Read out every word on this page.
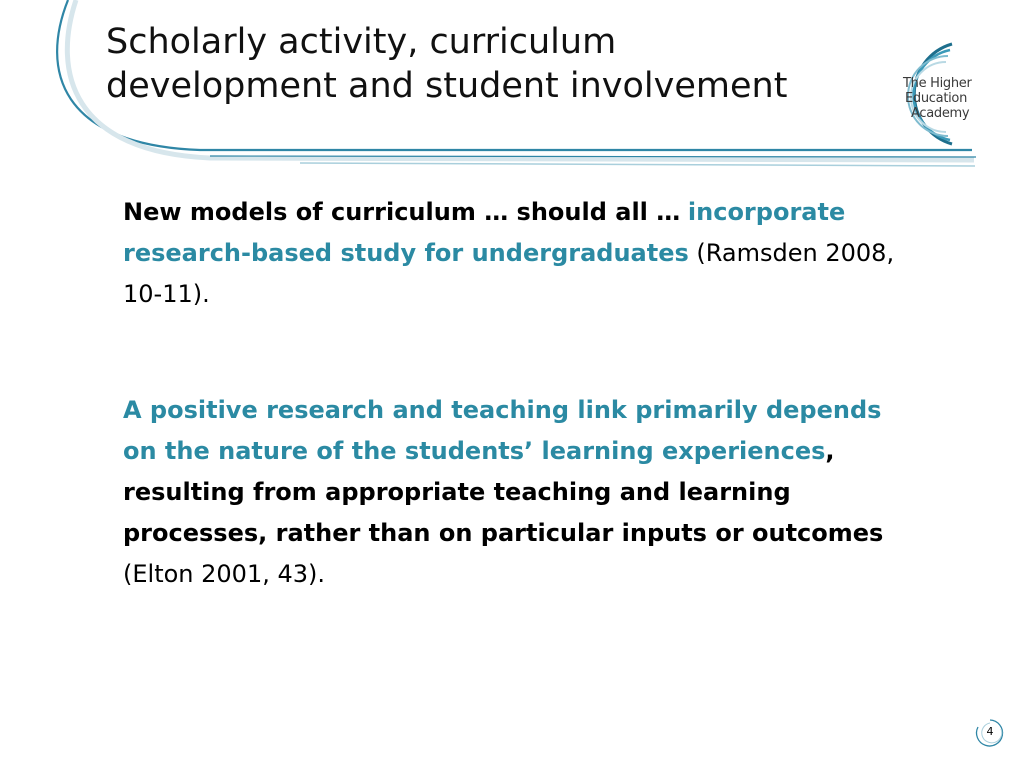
Scholarly activity, curriculum
development and student involvement	The Higher
Education
Academy

New models of curriculum … should all … incorporate research-based study for undergraduates (Ramsden 2008, 10-11).

A positive research and teaching link primarily depends on the nature of the students’ learning experiences, resulting from appropriate teaching and learning processes, rather than on particular inputs or outcomes (Elton 2001, 43).

4
